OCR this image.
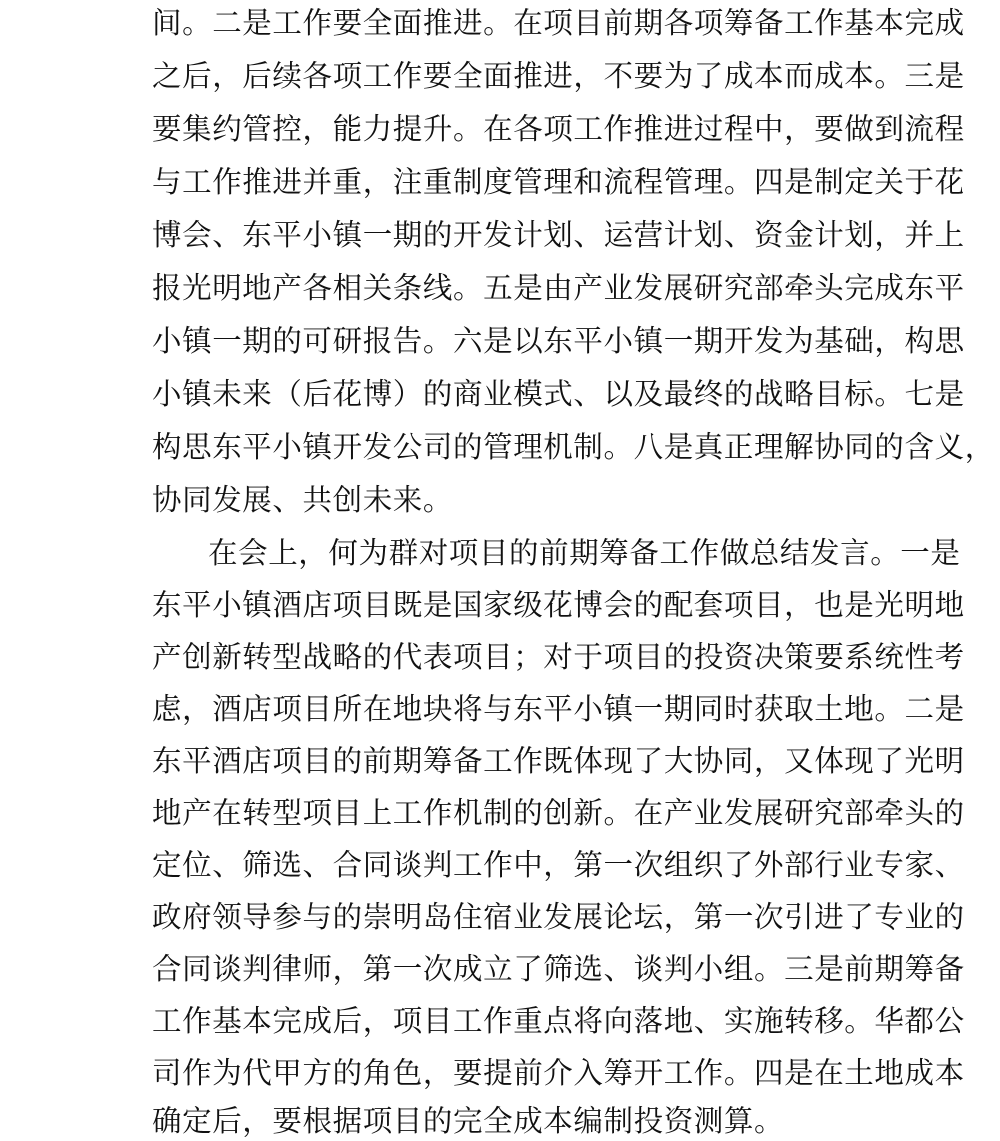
间。二是工作要全面推进。在项目前期各项筹备工作基本完成
之后，后续各项工作要全面推进，不要为了成本而成本。三是
要集约管控，能力提升。在各项工作推进过程中，要做到流程
与工作推进并重，注重制度管理和流程管理。四是制定关于花
博会、东平小镇一期的开发计划、运营计划、资金计划，并上
报光明地产各相关条线。五是由产业发展研究部牵头完成东平
小镇一期的可研报告。六是以东平小镇一期开发为基础，构思
小镇未来（后花博）的商业模式、以及最终的战略目标。七是
构思东平小镇开发公司的管理机制。八是真正理解协同的含义，
协同发展、共创未来。
在会上，何为群对项目的前期筹备工作做总结发言。一是
东平小镇酒店项目既是国家级花博会的配套项目，也是光明地
产创新转型战略的代表项目；对于项目的投资决策要系统性考
虑，酒店项目所在地块将与东平小镇一期同时获取土地。二是
东平酒店项目的前期筹备工作既体现了大协同，又体现了光明
地产在转型项目上工作机制的创新。在产业发展研究部牵头的
定位、筛选、合同谈判工作中，第一次组织了外部行业专家、
政府领导参与的崇明岛住宿业发展论坛，第一次引进了专业的
合同谈判律师，第一次成立了筛选、谈判小组。三是前期筹备
工作基本完成后，项目工作重点将向落地、实施转移。华都公
司作为代甲方的角色，要提前介入筹开工作。四是在土地成本
确定后，要根据项目的完全成本编制投资测算。
